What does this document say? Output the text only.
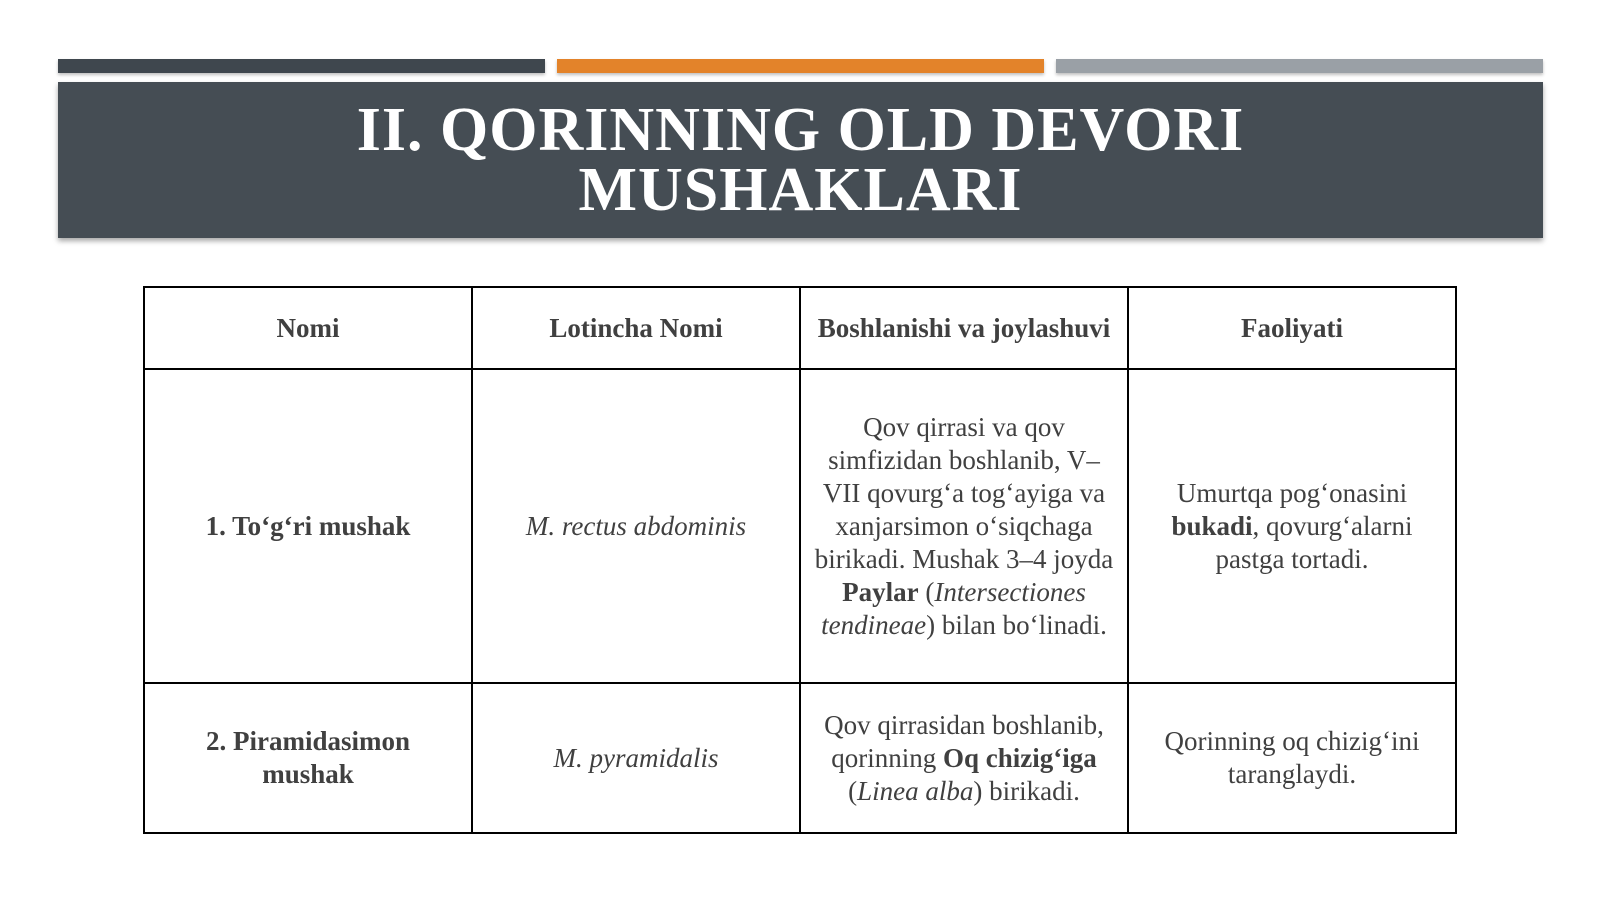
II. QORINNING OLD DEVORI
MUSHAKLARI
Nomi	Lotincha Nomi	Boshlanishi va joylashuvi	Faoliyati
1. To‘g‘ri mushak	M. rectus abdominis	Qov qirrasi va qov simfizidan boshlanib, V–VII qovurg‘a tog‘ayiga va xanjarsimon o‘siqchaga birikadi. Mushak 3–4 joyda Paylar (Intersectiones tendineae) bilan bo‘linadi.	Umurtqa pog‘onasini bukadi, qovurg‘alarni pastga tortadi.
2. Piramidasimon mushak	M. pyramidalis	Qov qirrasidan boshlanib, qorinning Oq chizig‘iga (Linea alba) birikadi.	Qorinning oq chizig‘ini taranglaydi.
